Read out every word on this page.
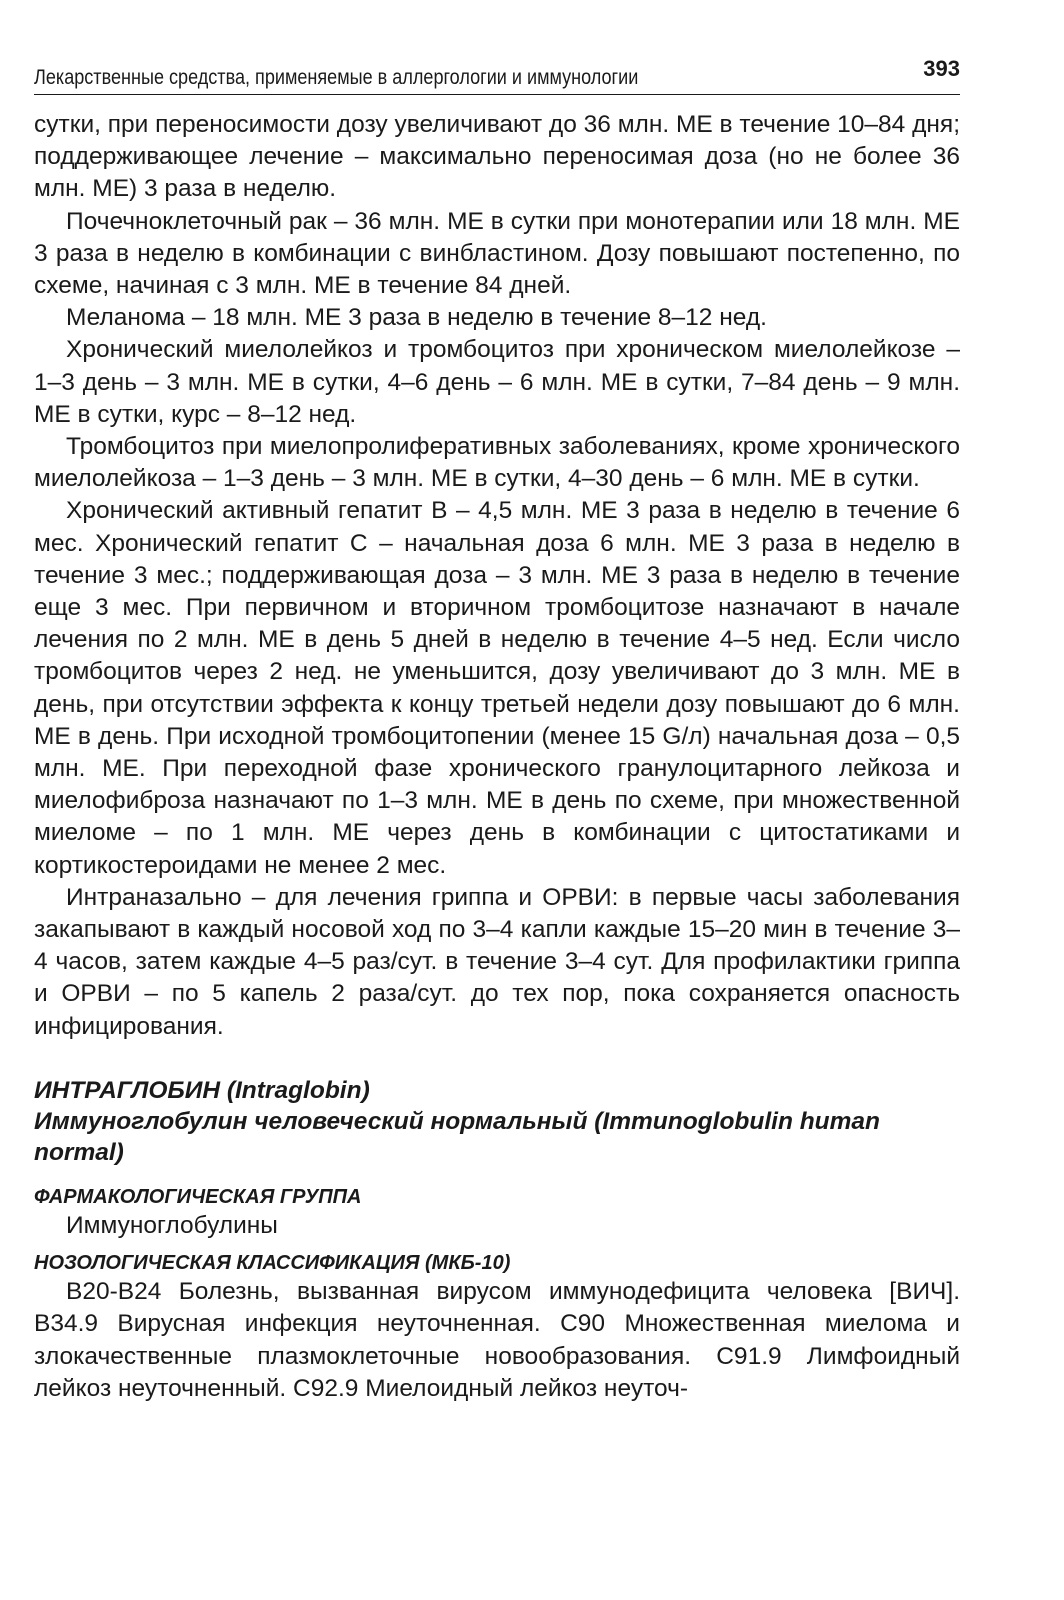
Лекарственные средства, применяемые в аллергологии и иммунологии	393

сутки, при переносимости дозу увеличивают до 36 млн. МЕ в течение 10–84 дня; поддерживающее лечение – максимально переносимая доза (но не более 36 млн. МЕ) 3 раза в неделю.

Почечноклеточный рак – 36 млн. МЕ в сутки при монотерапии или 18 млн. МЕ 3 раза в неделю в комбинации с винбластином. Дозу повышают постепенно, по схеме, начиная с 3 млн. МЕ в течение 84 дней.

Меланома – 18 млн. МЕ 3 раза в неделю в течение 8–12 нед.

Хронический миелолейкоз и тромбоцитоз при хроническом миелолейкозе – 1–3 день – 3 млн. МЕ в сутки, 4–6 день – 6 млн. МЕ в сутки, 7–84 день – 9 млн. МЕ в сутки, курс – 8–12 нед.

Тромбоцитоз при миелопролиферативных заболеваниях, кроме хронического миелолейкоза – 1–3 день – 3 млн. МЕ в сутки, 4–30 день – 6 млн. МЕ в сутки.

Хронический активный гепатит В – 4,5 млн. МЕ 3 раза в неделю в течение 6 мес. Хронический гепатит С – начальная доза 6 млн. МЕ 3 раза в неделю в течение 3 мес.; поддерживающая доза – 3 млн. МЕ 3 раза в неделю в течение еще 3 мес. При первичном и вторичном тромбоцитозе назначают в начале лечения по 2 млн. МЕ в день 5 дней в неделю в течение 4–5 нед. Если число тромбоцитов через 2 нед. не уменьшится, дозу увеличивают до 3 млн. МЕ в день, при отсутствии эффекта к концу третьей недели дозу повышают до 6 млн. МЕ в день. При исходной тромбоцитопении (менее 15 G/л) начальная доза – 0,5 млн. МЕ. При переходной фазе хронического гранулоцитарного лейкоза и миелофиброза назначают по 1–3 млн. МЕ в день по схеме, при множественной миеломе – по 1 млн. МЕ через день в комбинации с цитостатиками и кортикостероидами не менее 2 мес.

Интраназально – для лечения гриппа и ОРВИ: в первые часы заболевания закапывают в каждый носовой ход по 3–4 капли каждые 15–20 мин в течение 3–4 часов, затем каждые 4–5 раз/сут. в течение 3–4 сут. Для профилактики гриппа и ОРВИ – по 5 капель 2 раза/сут. до тех пор, пока сохраняется опасность инфицирования.

ИНТРАГЛОБИН (Intraglobin)
Иммуноглобулин человеческий нормальный (Immunoglobulin human normal)
ФАРМАКОЛОГИЧЕСКАЯ ГРУППА

Иммуноглобулины

НОЗОЛОГИЧЕСКАЯ КЛАССИФИКАЦИЯ (МКБ-10)

B20-B24 Болезнь, вызванная вирусом иммунодефицита человека [ВИЧ]. B34.9 Вирусная инфекция неуточненная. C90 Множественная миелома и злокачественные плазмоклеточные новообразования. C91.9 Лимфоидный лейкоз неуточненный. C92.9 Миелоидный лейкоз неуточ-
